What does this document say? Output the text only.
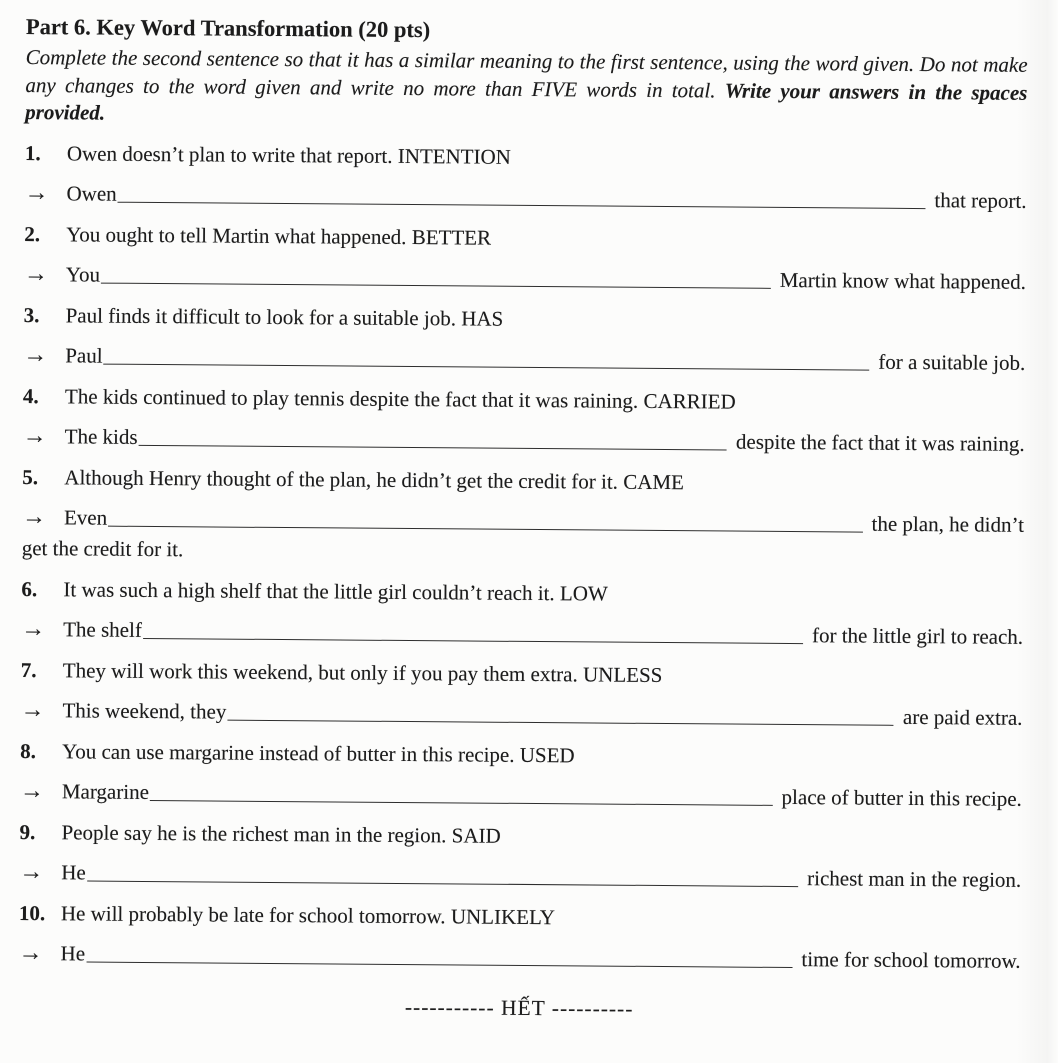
Part 6. Key Word Transformation (20 pts)
Complete the second sentence so that it has a similar meaning to the first sentence, using the word given. Do not make any changes to the word given and write no more than FIVE words in total. Write your answers in the spaces provided.
1.	Owen doesn’t plan to write that report. INTENTION
→ Owen	that report.
2.	You ought to tell Martin what happened. BETTER
→ You	Martin know what happened.
3.	Paul finds it difficult to look for a suitable job. HAS
→ Paul	for a suitable job.
4.	The kids continued to play tennis despite the fact that it was raining. CARRIED
→ The kids	despite the fact that it was raining.
5.	Although Henry thought of the plan, he didn’t get the credit for it. CAME
→ Even	the plan, he didn’t
get the credit for it.
6.	It was such a high shelf that the little girl couldn’t reach it. LOW
→ The shelf	for the little girl to reach.
7.	They will work this weekend, but only if you pay them extra. UNLESS
→ This weekend, they	are paid extra.
8.	You can use margarine instead of butter in this recipe. USED
→ Margarine	place of butter in this recipe.
9.	People say he is the richest man in the region. SAID
→ He	richest man in the region.
10. He will probably be late for school tomorrow. UNLIKELY
→ He	time for school tomorrow.
----------- HẾT ----------
